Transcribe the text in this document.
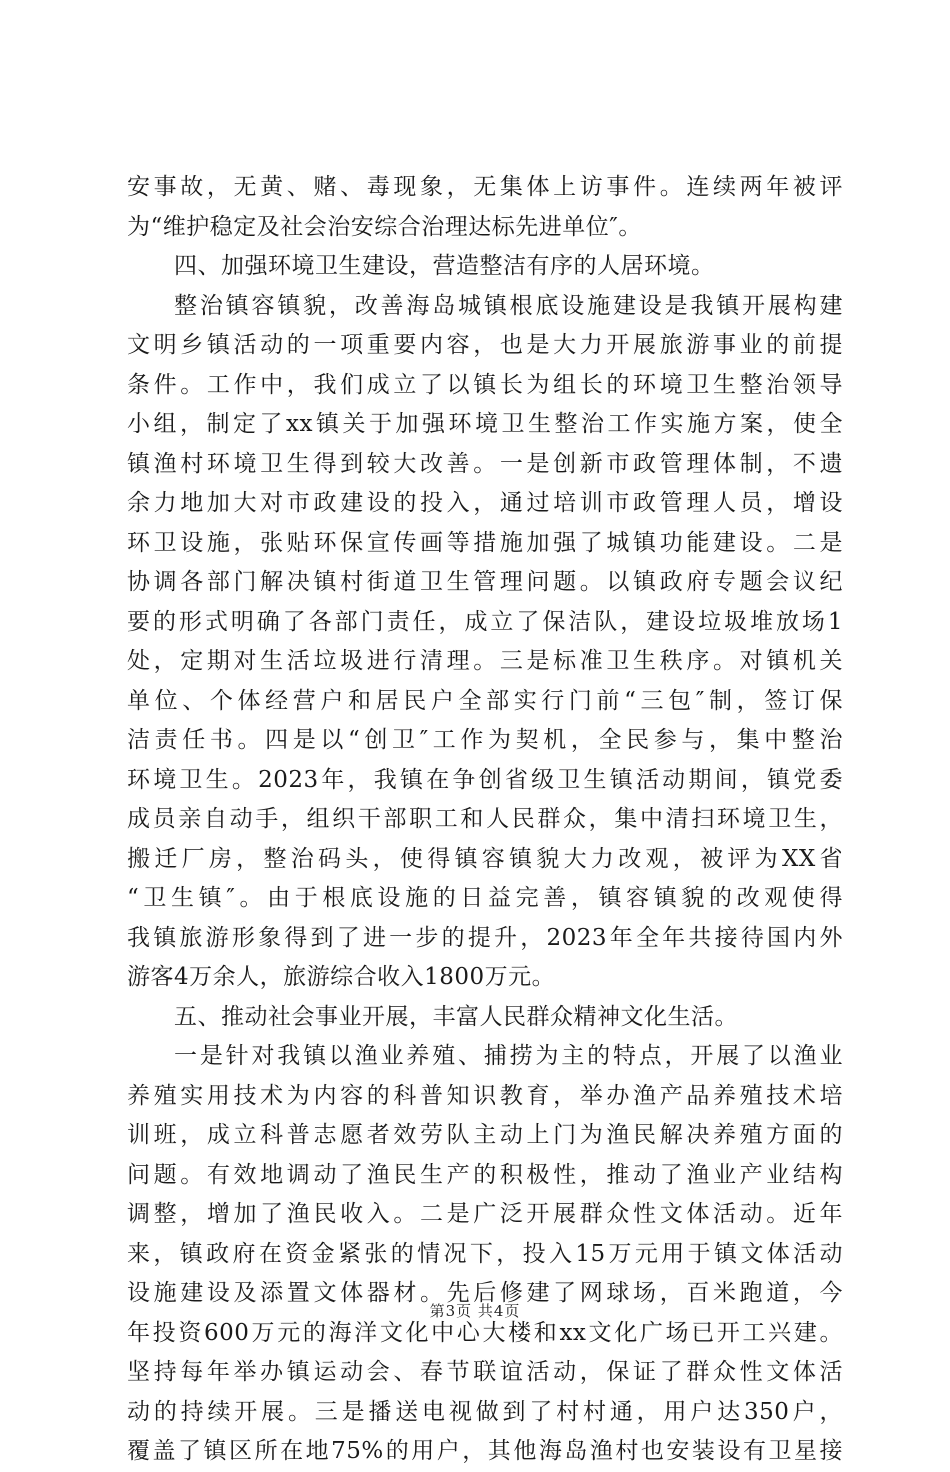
安事故，无黄、赌、毒现象，无集体上访事件。连续两年被评
为“维护稳定及社会治安综合治理达标先进单位″。
四、加强环境卫生建设，营造整洁有序的人居环境。
整治镇容镇貌，改善海岛城镇根底设施建设是我镇开展构建
文明乡镇活动的一项重要内容，也是大力开展旅游事业的前提
条件。工作中，我们成立了以镇长为组长的环境卫生整治领导
小组，制定了xx镇关于加强环境卫生整治工作实施方案，使全
镇渔村环境卫生得到较大改善。一是创新市政管理体制，不遗
余力地加大对市政建设的投入，通过培训市政管理人员，增设
环卫设施，张贴环保宣传画等措施加强了城镇功能建设。二是
协调各部门解决镇村街道卫生管理问题。以镇政府专题会议纪
要的形式明确了各部门责任，成立了保洁队，建设垃圾堆放场1
处，定期对生活垃圾进行清理。三是标准卫生秩序。对镇机关
单位、个体经营户和居民户全部实行门前“三包″制，签订保
洁责任书。四是以“创卫″工作为契机，全民参与，集中整治
环境卫生。2023年，我镇在争创省级卫生镇活动期间，镇党委
成员亲自动手，组织干部职工和人民群众，集中清扫环境卫生，
搬迁厂房，整治码头，使得镇容镇貌大力改观，被评为XX省
“卫生镇″。由于根底设施的日益完善，镇容镇貌的改观使得
我镇旅游形象得到了进一步的提升，2023年全年共接待国内外
游客4万余人，旅游综合收入1800万元。
五、推动社会事业开展，丰富人民群众精神文化生活。
一是针对我镇以渔业养殖、捕捞为主的特点，开展了以渔业
养殖实用技术为内容的科普知识教育，举办渔产品养殖技术培
训班，成立科普志愿者效劳队主动上门为渔民解决养殖方面的
问题。有效地调动了渔民生产的积极性，推动了渔业产业结构
调整，增加了渔民收入。二是广泛开展群众性文体活动。近年
来，镇政府在资金紧张的情况下，投入15万元用于镇文体活动
设施建设及添置文体器材。先后修建了网球场，百米跑道，今
年投资600万元的海洋文化中心大楼和xx文化广场已开工兴建。
坚持每年举办镇运动会、春节联谊活动，保证了群众性文体活
动的持续开展。三是播送电视做到了村村通，用户达350户，
覆盖了镇区所在地75%的用户，其他海岛渔村也安装设有卫星接
第3页 共4页
